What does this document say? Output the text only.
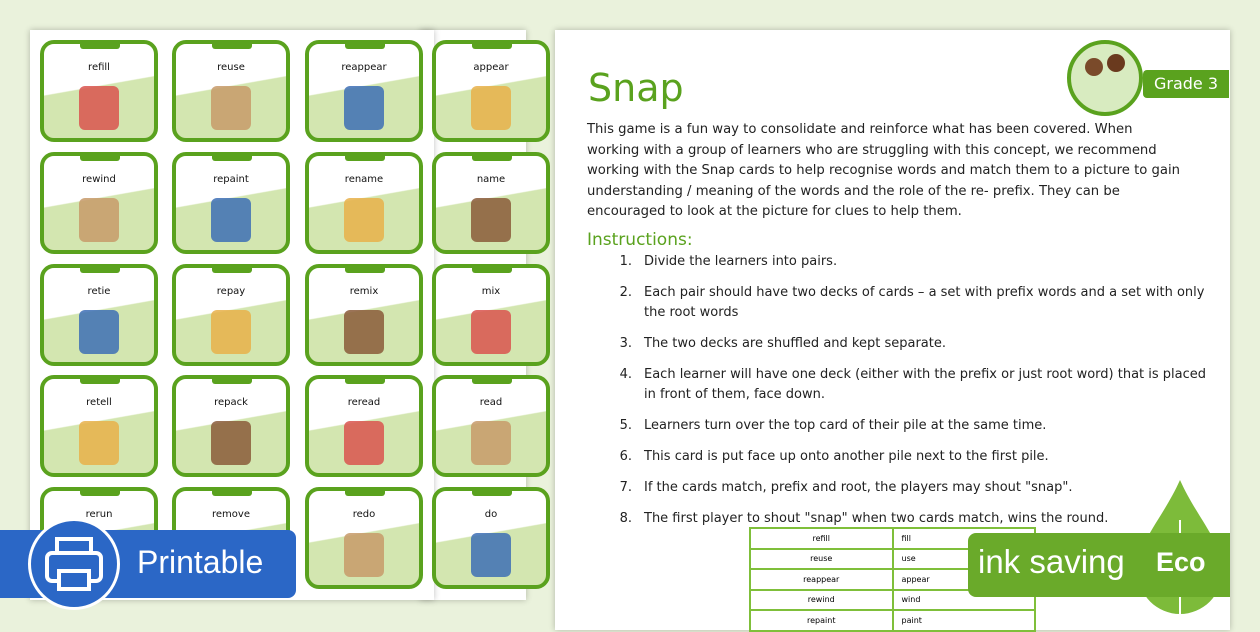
refill	reuse	reappear
rewind	repaint	rename
retie	repay	remix
retell	repack	reread
rerun	remove	redo
appear
name
mix
read
do
Snap	Grade 3
This game is a fun way to consolidate and reinforce what has been covered. When working with a group of learners who are struggling with this concept, we recommend working with the Snap cards to help recognise words and match them to a picture to gain understanding / meaning of the words and the role of the re- prefix. They can be encouraged to look at the picture for clues to help them.
Instructions:
1. Divide the learners into pairs.
2. Each pair should have two decks of cards – a set with prefix words and a set with only the root words
3. The two decks are shuffled and kept separate.
4. Each learner will have one deck (either with the prefix or just root word) that is placed in front of them, face down.
5. Learners turn over the top card of their pile at the same time.
6. This card is put face up onto another pile next to the first pile.
7. If the cards match, prefix and root, the players may shout "snap".
8. The first player to shout "snap" when two cards match, wins the round.
refill	fill
reuse	use
reappear	appear
rewind	wind
repaint	paint
Printable	ink saving Eco
